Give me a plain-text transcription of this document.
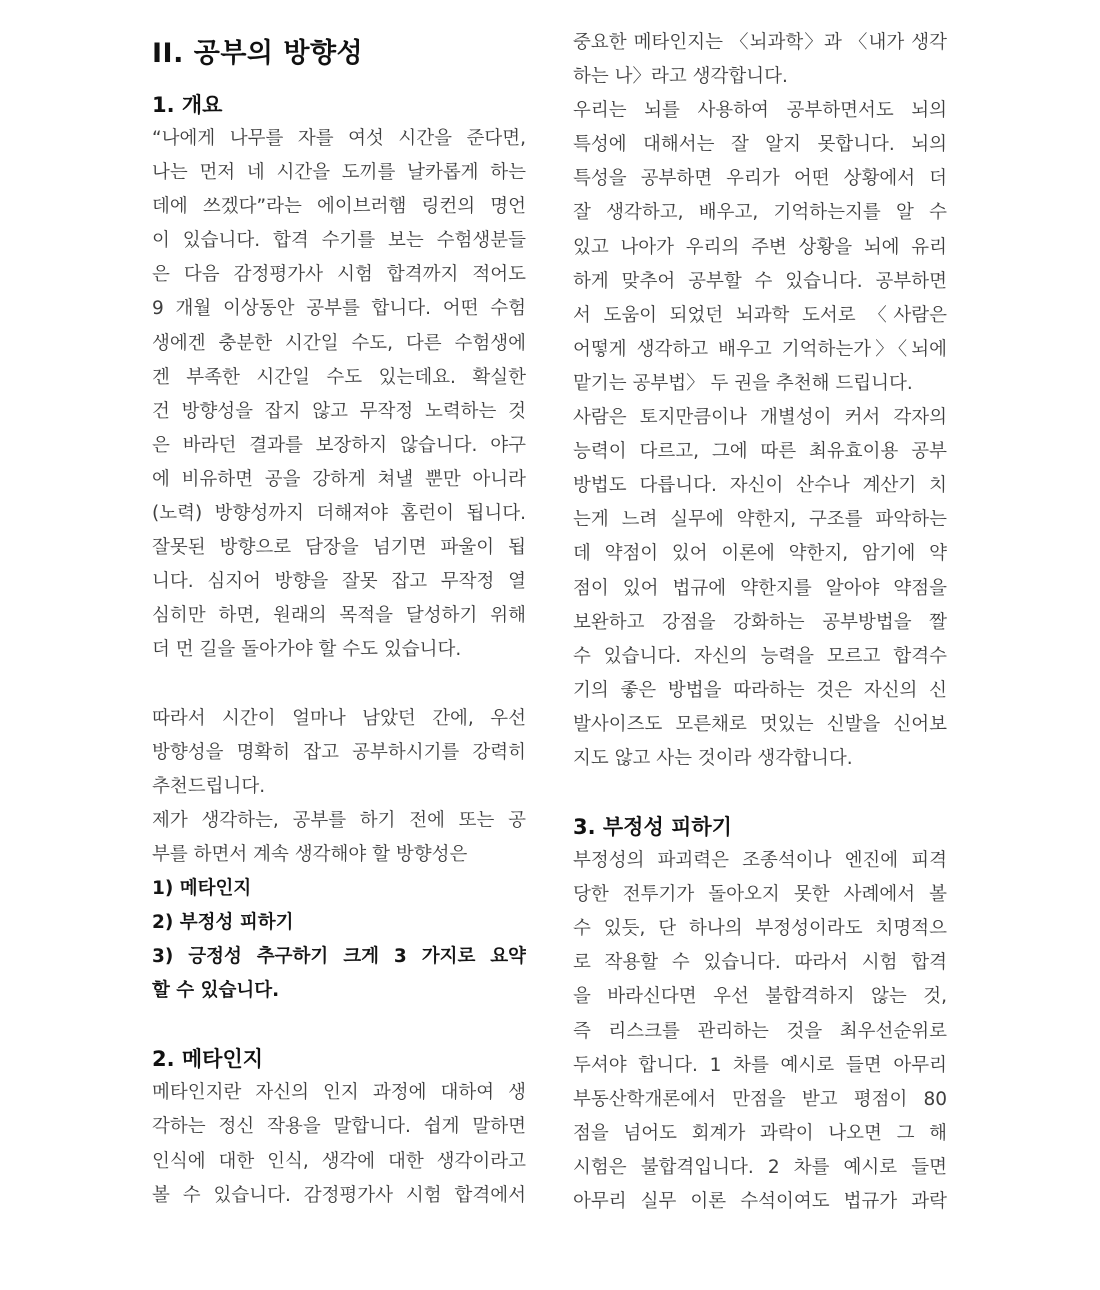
II. 공부의 방향성
1. 개요
“나에게 나무를 자를 여섯 시간을 준다면,
나는 먼저 네 시간을 도끼를 날카롭게 하는
데에 쓰겠다”라는 에이브러햄 링컨의 명언
이 있습니다. 합격 수기를 보는 수험생분들
은 다음 감정평가사 시험 합격까지 적어도
9 개월 이상동안 공부를 합니다. 어떤 수험
생에겐 충분한 시간일 수도, 다른 수험생에
겐 부족한 시간일 수도 있는데요. 확실한
건 방향성을 잡지 않고 무작정 노력하는 것
은 바라던 결과를 보장하지 않습니다. 야구
에 비유하면 공을 강하게 쳐낼 뿐만 아니라
(노력) 방향성까지 더해져야 홈런이 됩니다.
잘못된 방향으로 담장을 넘기면 파울이 됩
니다. 심지어 방향을 잘못 잡고 무작정 열
심히만 하면, 원래의 목적을 달성하기 위해
더 먼 길을 돌아가야 할 수도 있습니다.
따라서 시간이 얼마나 남았던 간에, 우선
방향성을 명확히 잡고 공부하시기를 강력히
추천드립니다.
제가 생각하는, 공부를 하기 전에 또는 공
부를 하면서 계속 생각해야 할 방향성은
1) 메타인지
2) 부정성 피하기
3) 긍정성 추구하기 크게 3 가지로 요약
할 수 있습니다.
2. 메타인지
메타인지란 자신의 인지 과정에 대하여 생
각하는 정신 작용을 말합니다. 쉽게 말하면
인식에 대한 인식, 생각에 대한 생각이라고
볼 수 있습니다. 감정평가사 시험 합격에서
중요한 메타인지는 〈뇌과학〉과 〈내가 생각
하는 나〉라고 생각합니다.
우리는 뇌를 사용하여 공부하면서도 뇌의
특성에 대해서는 잘 알지 못합니다. 뇌의
특성을 공부하면 우리가 어떤 상황에서 더
잘 생각하고, 배우고, 기억하는지를 알 수
있고 나아가 우리의 주변 상황을 뇌에 유리
하게 맞추어 공부할 수 있습니다. 공부하면
서 도움이 되었던 뇌과학 도서로 〈사람은
어떻게 생각하고 배우고 기억하는가〉〈뇌에
맡기는 공부법〉 두 권을 추천해 드립니다.
사람은 토지만큼이나 개별성이 커서 각자의
능력이 다르고, 그에 따른 최유효이용 공부
방법도 다릅니다. 자신이 산수나 계산기 치
는게 느려 실무에 약한지, 구조를 파악하는
데 약점이 있어 이론에 약한지, 암기에 약
점이 있어 법규에 약한지를 알아야 약점을
보완하고 강점을 강화하는 공부방법을 짤
수 있습니다. 자신의 능력을 모르고 합격수
기의 좋은 방법을 따라하는 것은 자신의 신
발사이즈도 모른채로 멋있는 신발을 신어보
지도 않고 사는 것이라 생각합니다.
3. 부정성 피하기
부정성의 파괴력은 조종석이나 엔진에 피격
당한 전투기가 돌아오지 못한 사례에서 볼
수 있듯, 단 하나의 부정성이라도 치명적으
로 작용할 수 있습니다. 따라서 시험 합격
을 바라신다면 우선 불합격하지 않는 것,
즉 리스크를 관리하는 것을 최우선순위로
두셔야 합니다. 1 차를 예시로 들면 아무리
부동산학개론에서 만점을 받고 평점이 80
점을 넘어도 회계가 과락이 나오면 그 해
시험은 불합격입니다. 2 차를 예시로 들면
아무리 실무 이론 수석이여도 법규가 과락
